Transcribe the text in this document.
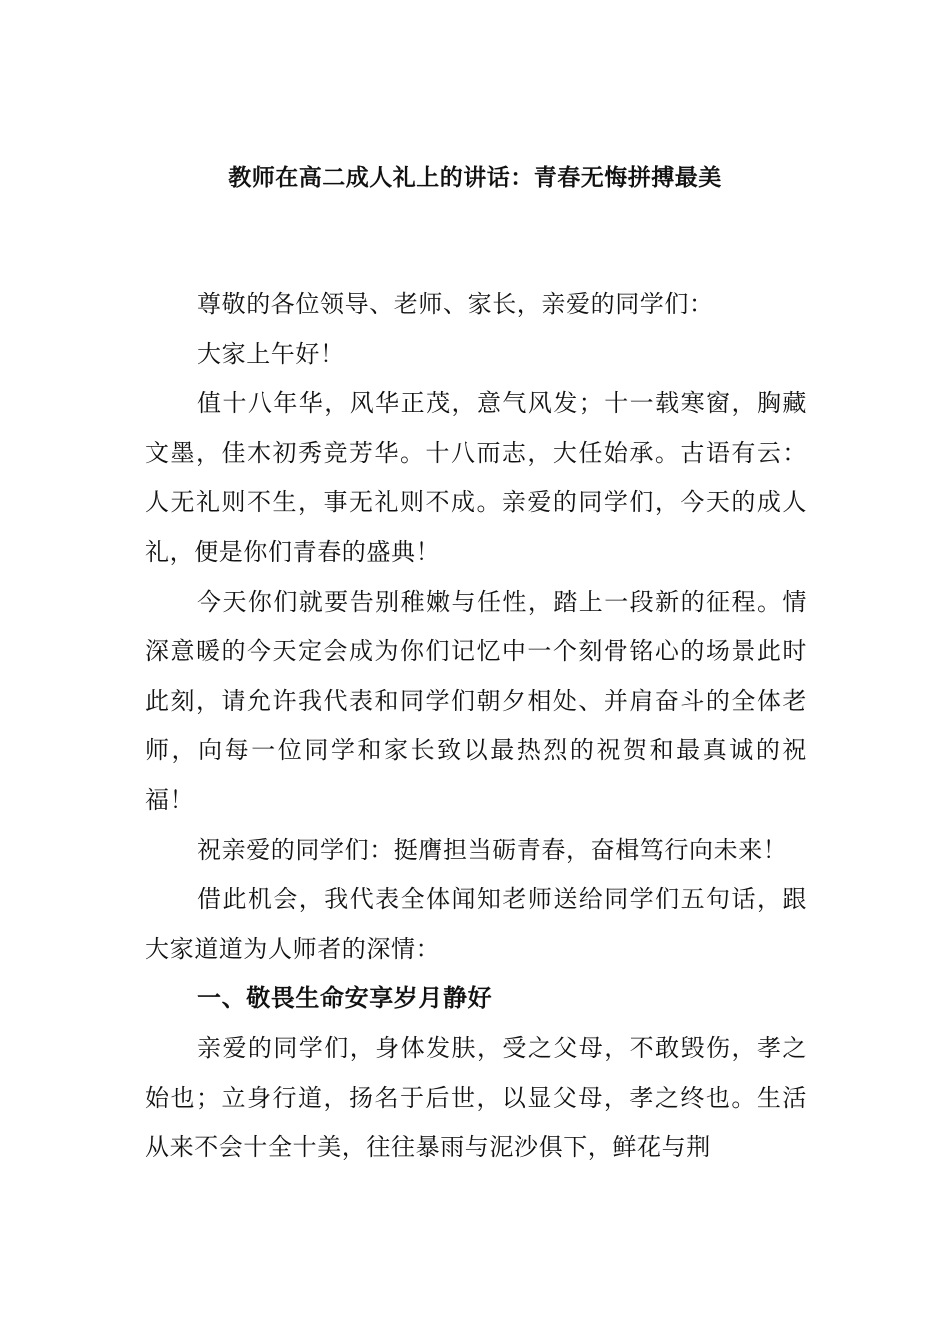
教师在高二成人礼上的讲话：青春无悔拼搏最美

尊敬的各位领导、老师、家长，亲爱的同学们：

大家上午好！

值十八年华，风华正茂，意气风发；十一载寒窗，胸藏文墨，佳木初秀竞芳华。十八而志，大任始承。古语有云：人无礼则不生，事无礼则不成。亲爱的同学们，今天的成人礼，便是你们青春的盛典！

今天你们就要告别稚嫩与任性，踏上一段新的征程。情深意暖的今天定会成为你们记忆中一个刻骨铭心的场景此时此刻，请允许我代表和同学们朝夕相处、并肩奋斗的全体老师，向每一位同学和家长致以最热烈的祝贺和最真诚的祝福！

祝亲爱的同学们：挺膺担当砺青春，奋楫笃行向未来！

借此机会，我代表全体闻知老师送给同学们五句话，跟大家道道为人师者的深情：

一、敬畏生命安享岁月静好

亲爱的同学们，身体发肤，受之父母，不敢毁伤，孝之始也；立身行道，扬名于后世，以显父母，孝之终也。生活从来不会十全十美，往往暴雨与泥沙俱下，鲜花与荆
